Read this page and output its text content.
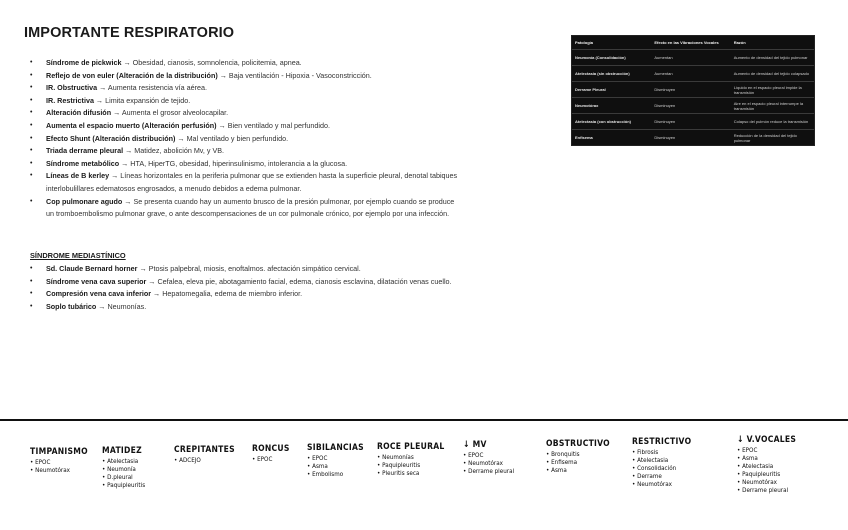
IMPORTANTE RESPIRATORIO
• Síndrome de pickwick → Obesidad, cianosis, somnolencia, policitemia, apnea.
• Reflejo de von euler (Alteración de la distribución) → Baja ventilación - Hipoxia - Vasoconstricción.
• IR. Obstructiva → Aumenta resistencia vía aérea.
• IR. Restrictiva → Limita expansión de tejido.
• Alteración difusión → Aumenta el grosor alveolocapilar.
• Aumenta el espacio muerto (Alteración perfusión) → Bien ventilado y mal perfundido.
• Efecto Shunt (Alteración distribución) → Mal ventilado y bien perfundido.
• Triada derrame pleural → Matidez, abolición Mv, y VB.
• Síndrome metabólico → HTA, HiperTG, obesidad, hiperinsulinismo, intolerancia a la glucosa.
• Líneas de B kerley → Líneas horizontales en la periferia pulmonar que se extienden hasta la superficie pleural, denotal tabiques interlobulillares edematosos engrosados, a menudo debidos a edema pulmonar.
• Cop pulmonare agudo → Se presenta cuando hay un aumento brusco de la presión pulmonar, por ejemplo cuando se produce un tromboembolismo pulmonar grave, o ante descompensaciones de un cor pulmonale crónico, por ejemplo por una infección.
SÍNDROME MEDIASTÍNICO
• Sd. Claude Bernard horner → Ptosis palpebral, miosis, enoftalmos. afectación simpático cervical.
• Síndrome vena cava superior → Cefalea, eleva pie, abotagamiento facial, edema, cianosis esclavina, dilatación venas cuello.
• Compresión vena cava inferior → Hepatomegalia, edema de miembro inferior.
• Soplo tubárico → Neumonías.
Patología	Efecto en las Vibraciones Vocales	Razón
Neumonía (Consolidación)	Aumentan	Aumento de densidad del tejido pulmonar
Atelectasia (sin obstrucción)	Aumentan	Aumento de densidad del tejido colapsado
Derrame Pleural	Disminuyen	Líquido en el espacio pleural impide la transmisión
Neumotórax	Disminuyen	Aire en el espacio pleural interrumpe la transmisión
Atelectasia (con obstrucción)	Disminuyen	Colapso del pulmón reduce la transmisión
Enfisema	Disminuyen	Reducción de la densidad del tejido pulmonar
TIMPANISMO
• EPOC
• Neumotórax
MATIDEZ
• Atelectasia
• Neumonía
• D.pleural
• Paquipleuritis
CREPITANTES
• ADCEJO
RONCUS
• EPOC
SIBILANCIAS
• EPOC
• Asma
• Embolismo
ROCE PLEURAL
• Neumonías
• Paquipleuritis
• Pleuritis seca
↓ MV
• EPOC
• Neumotórax
• Derrame pleural
OBSTRUCTIVO
• Bronquitis
• Enfisema
• Asma
RESTRICTIVO
• Fibrosis
• Atelectasia
• Consolidación
• Derrame
• Neumotórax
↓ V.VOCALES
• EPOC
• Asma
• Atelectasia
• Paquipleuritis
• Neumotórax
• Derrame pleural
